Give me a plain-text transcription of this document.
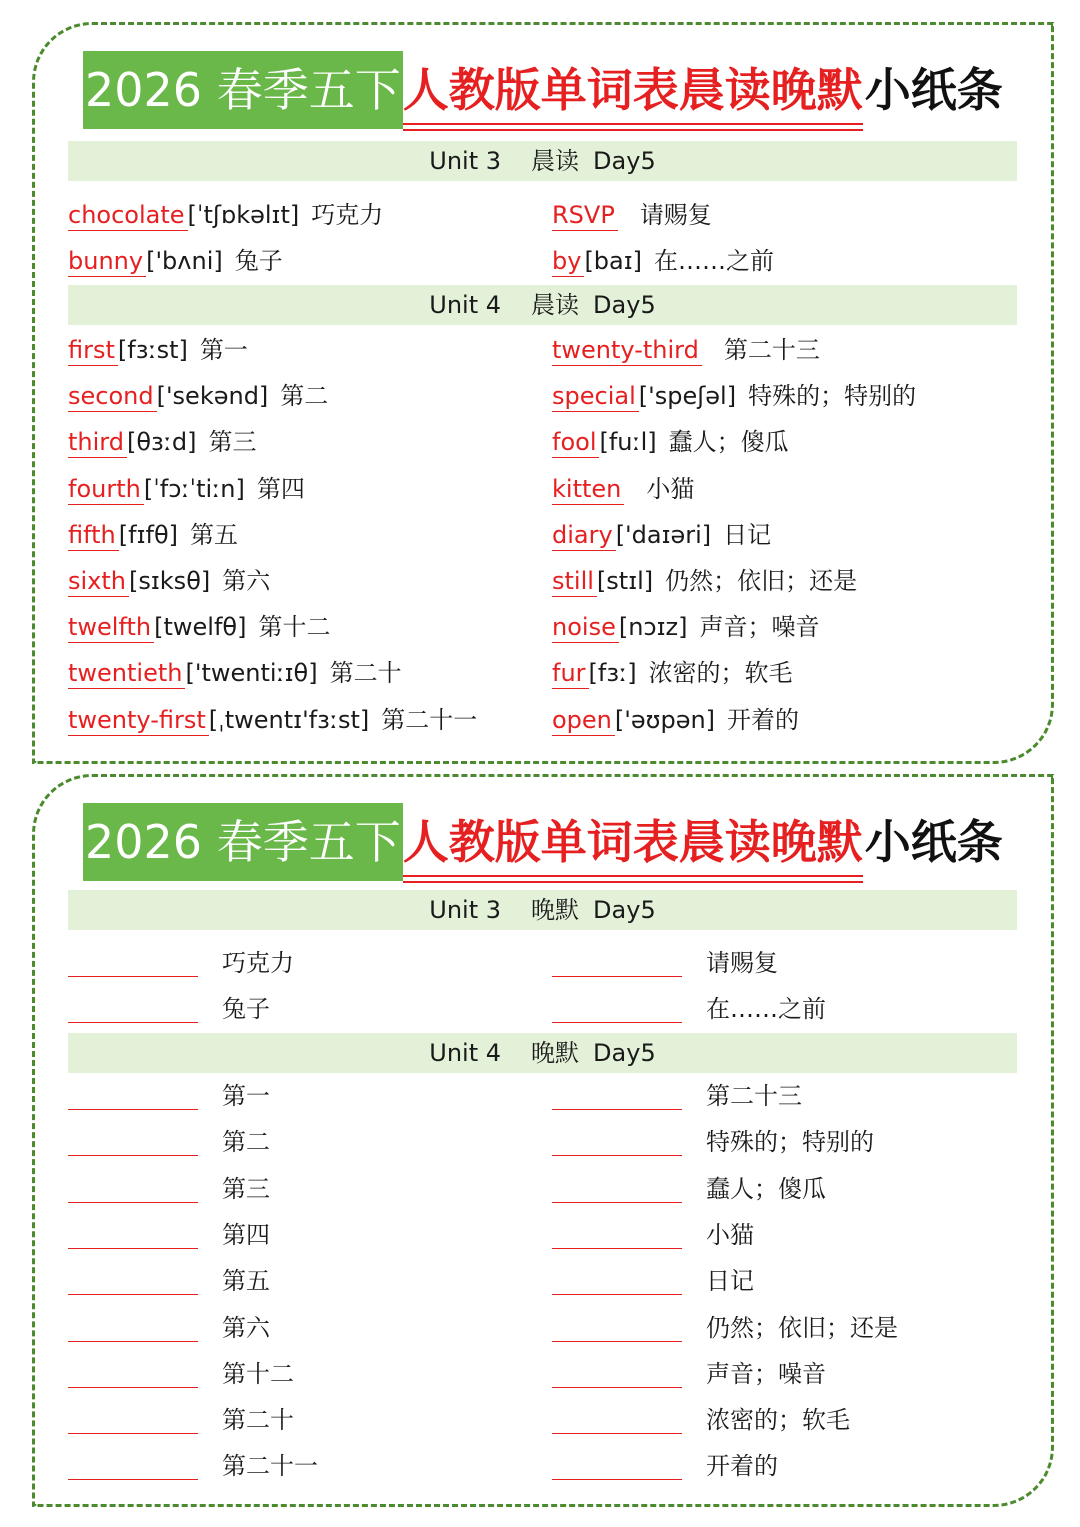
2026 春季五下 人教版单词表晨读晚默 小纸条
Unit 3 晨读 Day5
chocolate [ˈtʃɒkəlɪt] 巧克力
bunny ['bʌni] 兔子
RSVP 请赐复
by [baɪ] 在……之前
Unit 4 晨读 Day5
first [fɜːst] 第一
second ['sekənd] 第二
third [θɜːd] 第三
fourth [ˈfɔːˈtiːn] 第四
fifth [fɪfθ] 第五
sixth [sɪksθ] 第六
twelfth [twelfθ] 第十二
twentieth ['twentiːɪθ] 第二十
twenty-first [ˌtwentɪ'fɜːst] 第二十一
twenty-third 第二十三
special ['speʃəl] 特殊的；特别的
fool [fuːl] 蠢人；傻瓜
kitten 小猫
diary ['daɪəri] 日记
still [stɪl] 仍然；依旧；还是
noise [nɔɪz] 声音；噪音
fur [fɜː] 浓密的；软毛
open ['əʊpən] 开着的
2026 春季五下 人教版单词表晨读晚默 小纸条
Unit 3 晚默 Day5
巧克力
兔子
请赐复
在……之前
Unit 4 晚默 Day5
第一
第二
第三
第四
第五
第六
第十二
第二十
第二十一
第二十三
特殊的；特别的
蠢人；傻瓜
小猫
日记
仍然；依旧；还是
声音；噪音
浓密的；软毛
开着的
